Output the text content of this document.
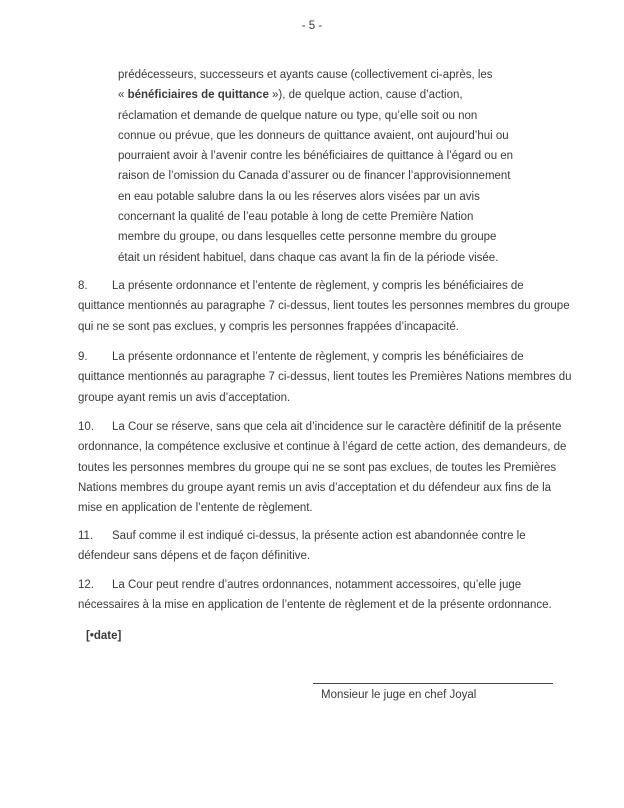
- 5 -
prédécesseurs, successeurs et ayants cause (collectivement ci-après, les
« bénéficiaires de quittance »), de quelque action, cause d’action,
réclamation et demande de quelque nature ou type, qu’elle soit ou non
connue ou prévue, que les donneurs de quittance avaient, ont aujourd’hui ou
pourraient avoir à l’avenir contre les bénéficiaires de quittance à l’égard ou en
raison de l’omission du Canada d’assurer ou de financer l’approvisionnement
en eau potable salubre dans la ou les réserves alors visées par un avis
concernant la qualité de l’eau potable à long de cette Première Nation
membre du groupe, ou dans lesquelles cette personne membre du groupe
était un résident habituel, dans chaque cas avant la fin de la période visée.
8. La présente ordonnance et l’entente de règlement, y compris les bénéficiaires de quittance mentionnés au paragraphe 7 ci-dessus, lient toutes les personnes membres du groupe qui ne se sont pas exclues, y compris les personnes frappées d’incapacité.
9. La présente ordonnance et l’entente de règlement, y compris les bénéficiaires de quittance mentionnés au paragraphe 7 ci-dessus, lient toutes les Premières Nations membres du groupe ayant remis un avis d’acceptation.
10. La Cour se réserve, sans que cela ait d’incidence sur le caractère définitif de la présente ordonnance, la compétence exclusive et continue à l’égard de cette action, des demandeurs, de toutes les personnes membres du groupe qui ne se sont pas exclues, de toutes les Premières Nations membres du groupe ayant remis un avis d’acceptation et du défendeur aux fins de la mise en application de l’entente de règlement.
11. Sauf comme il est indiqué ci-dessus, la présente action est abandonnée contre le défendeur sans dépens et de façon définitive.
12. La Cour peut rendre d’autres ordonnances, notamment accessoires, qu’elle juge nécessaires à la mise en application de l’entente de règlement et de la présente ordonnance.
[•date]
Monsieur le juge en chef Joyal
